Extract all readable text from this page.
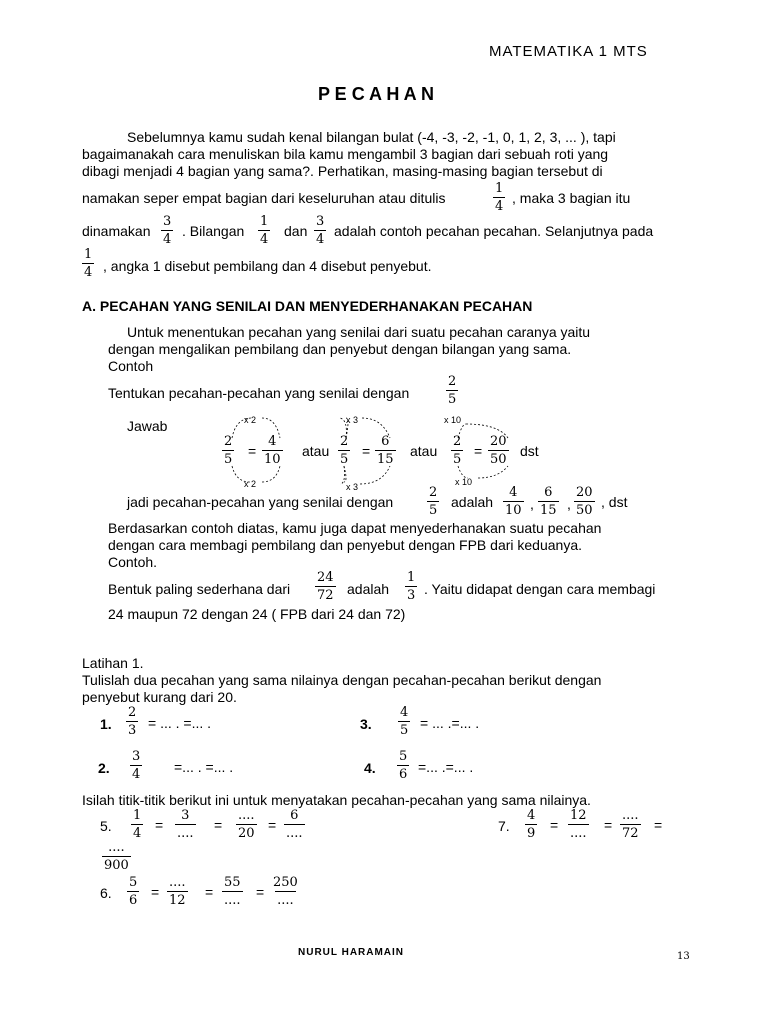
MATEMATIKA 1 MTS
P E C A H A N
Sebelumnya kamu sudah kenal bilangan bulat (-4, -3, -2, -1, 0, 1, 2, 3, ... ), tapi
bagaimanakah cara menuliskan bila kamu mengambil 3 bagian dari sebuah roti yang
dibagi menjadi 4 bagian yang sama?. Perhatikan, masing-masing bagian tersebut di
namakan seper empat bagian dari keseluruhan atau ditulis	$\frac{1}{4}$ , maka 3 bagian itu
dinamakan $\frac{3}{4}$ . Bilangan $\frac{1}{4}$ dan $\frac{3}{4}$ adalah contoh pecahan pecahan. Selanjutnya pada
$\frac{1}{4}$ , angka 1 disebut pembilang dan 4 disebut penyebut.
A. PECAHAN YANG SENILAI DAN MENYEDERHANAKAN PECAHAN
Untuk menentukan pecahan yang senilai dari suatu pecahan caranya yaitu
dengan mengalikan pembilang dan penyebut dengan bilangan yang sama.
Contoh
Tentukan pecahan-pecahan yang senilai dengan	$\frac{2}{5}$
Jawab	x 2
x 2
x 3
x 3
x 10
x 10
$\frac{2}{5} = \frac{4}{10}$ atau $\frac{2}{5} = \frac{6}{15}$ atau $\frac{2}{5} = \frac{20}{50}$ dst
jadi pecahan-pecahan yang senilai dengan	$\frac{2}{5}$ adalah $\frac{4}{10}$ , $\frac{6}{15}$ , $\frac{20}{50}$ , dst
Berdasarkan contoh diatas, kamu juga dapat menyederhanakan suatu pecahan
dengan cara membagi pembilang dan penyebut dengan FPB dari keduanya.
Contoh.
Bentuk paling sederhana dari $\frac{24}{72}$ adalah $\frac{1}{3}$ . Yaitu didapat dengan cara membagi
24 maupun 72 dengan 24 ( FPB dari 24 dan 72)
Latihan 1.
Tulislah dua pecahan yang sama nilainya dengan pecahan-pecahan berikut dengan
penyebut kurang dari 20.
1. $\frac{2}{3}$ = ... . =... .	3. $\frac{4}{5}$ = ... .=... .
2. $\frac{3}{4}$ =... . =... .	4. $\frac{5}{6}$ =... .=... .
Isilah titik-titik berikut ini untuk menyatakan pecahan-pecahan yang sama nilainya.
5. $\frac{1}{4}$ =
3
....
=
....
20
=
6
....	7. $\frac{4}{9}$ =
12
....
=
....
72
=
....
900
6. $\frac{5}{6}$ =
....
12
=
55
....
=
250
....
NURUL HARAMAIN	13
